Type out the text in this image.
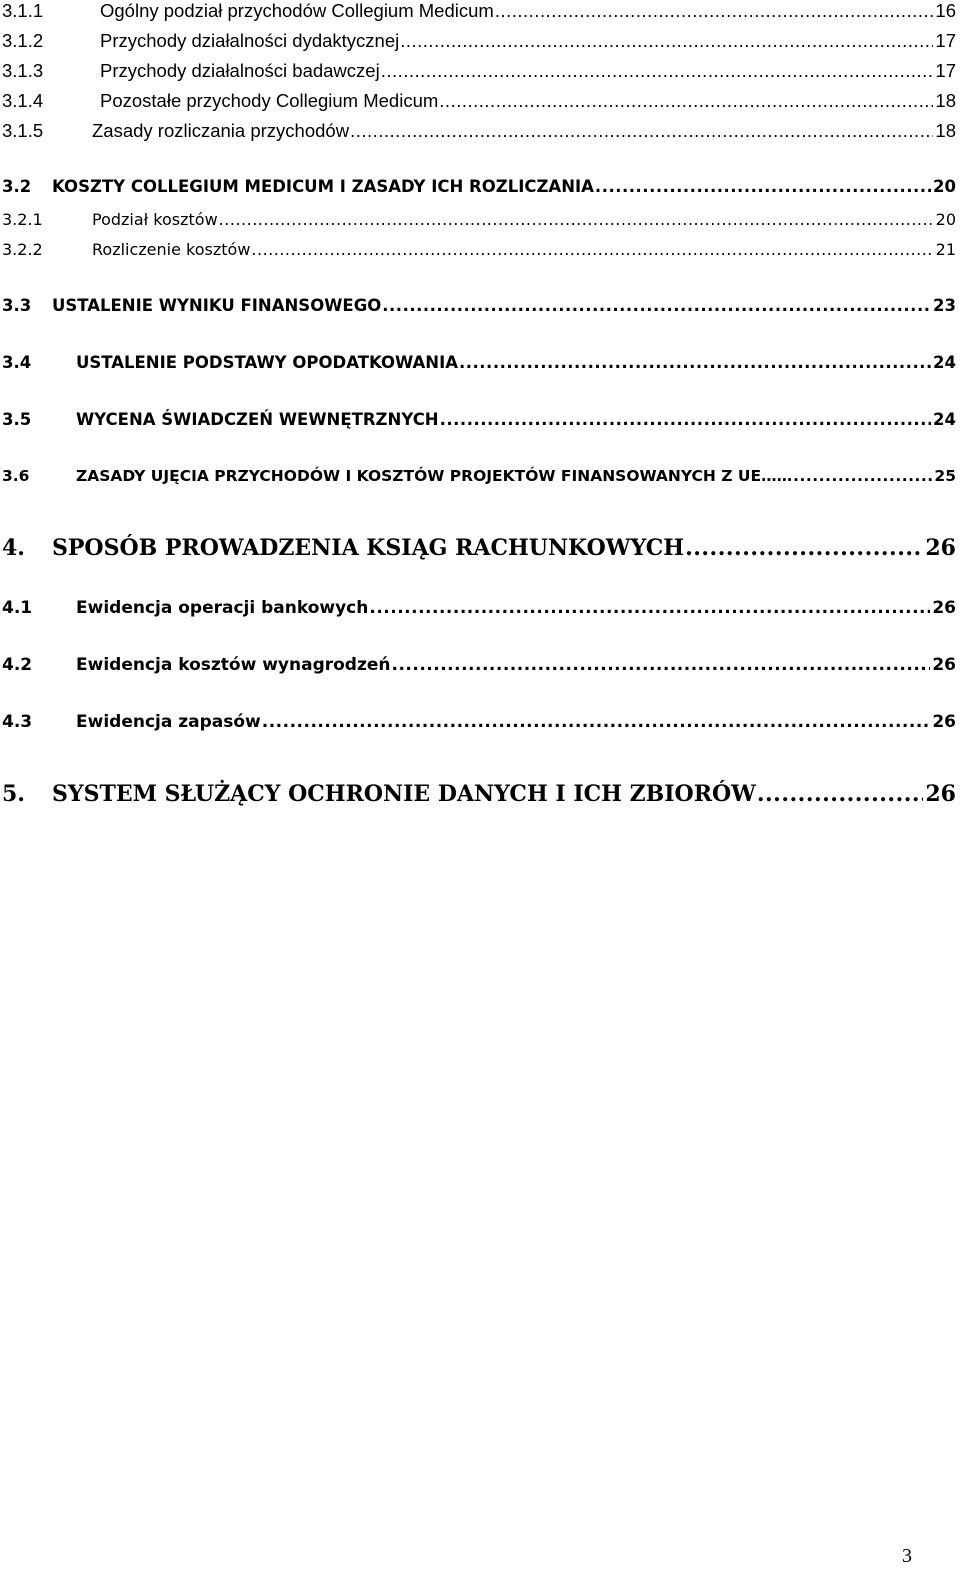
3.1.1	Ogólny podział przychodów Collegium Medicum .....	16
3.1.2	Przychody działalności dydaktycznej .....	17
3.1.3	Przychody działalności badawczej .....	17
3.1.4	Pozostałe przychody Collegium Medicum .....	18
3.1.5	Zasady rozliczania przychodów .....	18
3.2	KOSZTY COLLEGIUM MEDICUM I ZASADY ICH ROZLICZANIA .....	20
3.2.1	Podział kosztów .....	20
3.2.2	Rozliczenie kosztów .....	21
3.3	USTALENIE WYNIKU FINANSOWEGO .....	23
3.4	USTALENIE PODSTAWY OPODATKOWANIA .....	24
3.5	WYCENA ŚWIADCZEŃ WEWNĘTRZNYCH .....	24
3.6	ZASADY UJĘCIA PRZYCHODÓW I KOSZTÓW PROJEKTÓW FINANSOWANYCH Z UE…… .....	25
4.	SPOSÓB PROWADZENIA KSIĄG RACHUNKOWYCH .....	26
4.1	Ewidencja operacji bankowych .....	26
4.2	Ewidencja kosztów wynagrodzeń .....	26
4.3	Ewidencja zapasów .....	26
5.	SYSTEM SŁUŻĄCY OCHRONIE DANYCH I ICH ZBIORÓW .....	26
3
